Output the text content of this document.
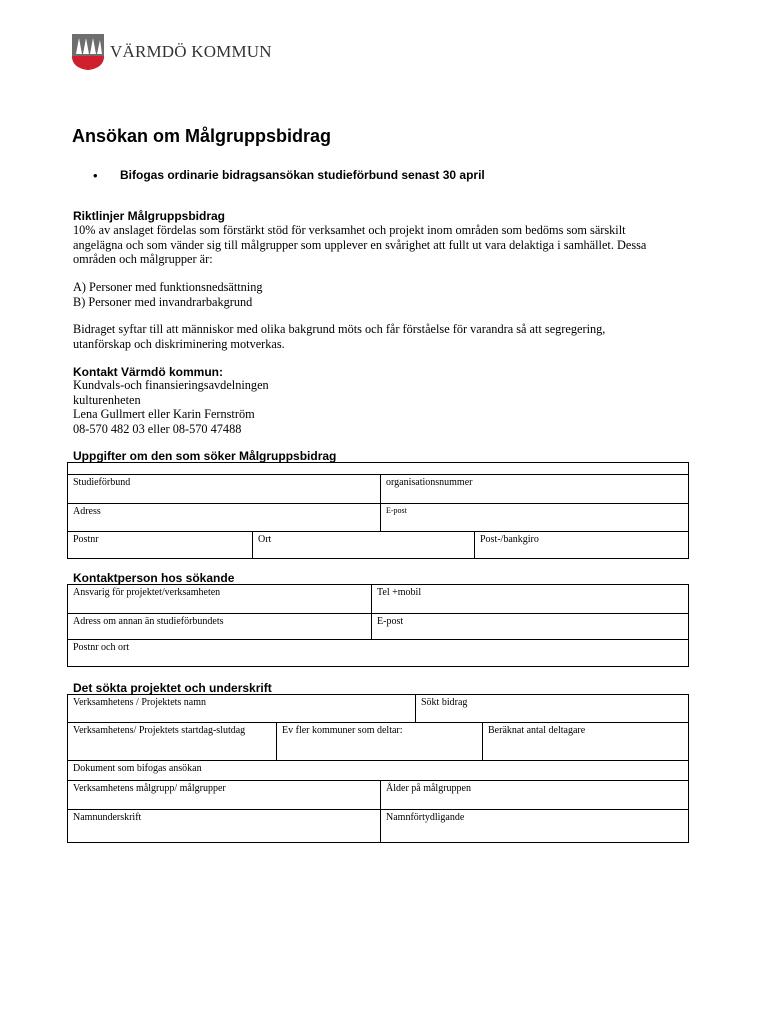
VÄRMDÖ KOMMUN
Ansökan om Målgruppsbidrag
• Bifogas ordinarie bidragsansökan studieförbund senast 30 april
Riktlinjer Målgruppsbidrag
10% av anslaget fördelas som förstärkt stöd för verksamhet och projekt inom områden som bedöms som särskilt
angelägna och som vänder sig till målgrupper som upplever en svårighet att fullt ut vara delaktiga i samhället. Dessa
områden och målgrupper är:
A) Personer med funktionsnedsättning
B) Personer med invandrarbakgrund
Bidraget syftar till att människor med olika bakgrund möts och får förståelse för varandra så att segregering,
utanförskap och diskriminering motverkas.
Kontakt Värmdö kommun:
Kundvals-och finansieringsavdelningen
kulturenheten
Lena Gullmert eller Karin Fernström
08-570 482 03 eller 08-570 47488
Uppgifter om den som söker Målgruppsbidrag
Studieförbund	organisationsnummer
Adress	E-post
Postnr	Ort	Post-/bankgiro
Kontaktperson hos sökande
Ansvarig för projektet/verksamheten	Tel +mobil
Adress om annan än studieförbundets	E-post
Postnr och ort
Det sökta projektet och underskrift
Verksamhetens / Projektets namn	Sökt bidrag
Verksamhetens/ Projektets startdag-slutdag	Ev fler kommuner som deltar:	Beräknat antal deltagare
Dokument som bifogas ansökan
Verksamhetens målgrupp/ målgrupper	Ålder på målgruppen
Namnunderskrift	Namnförtydligande
